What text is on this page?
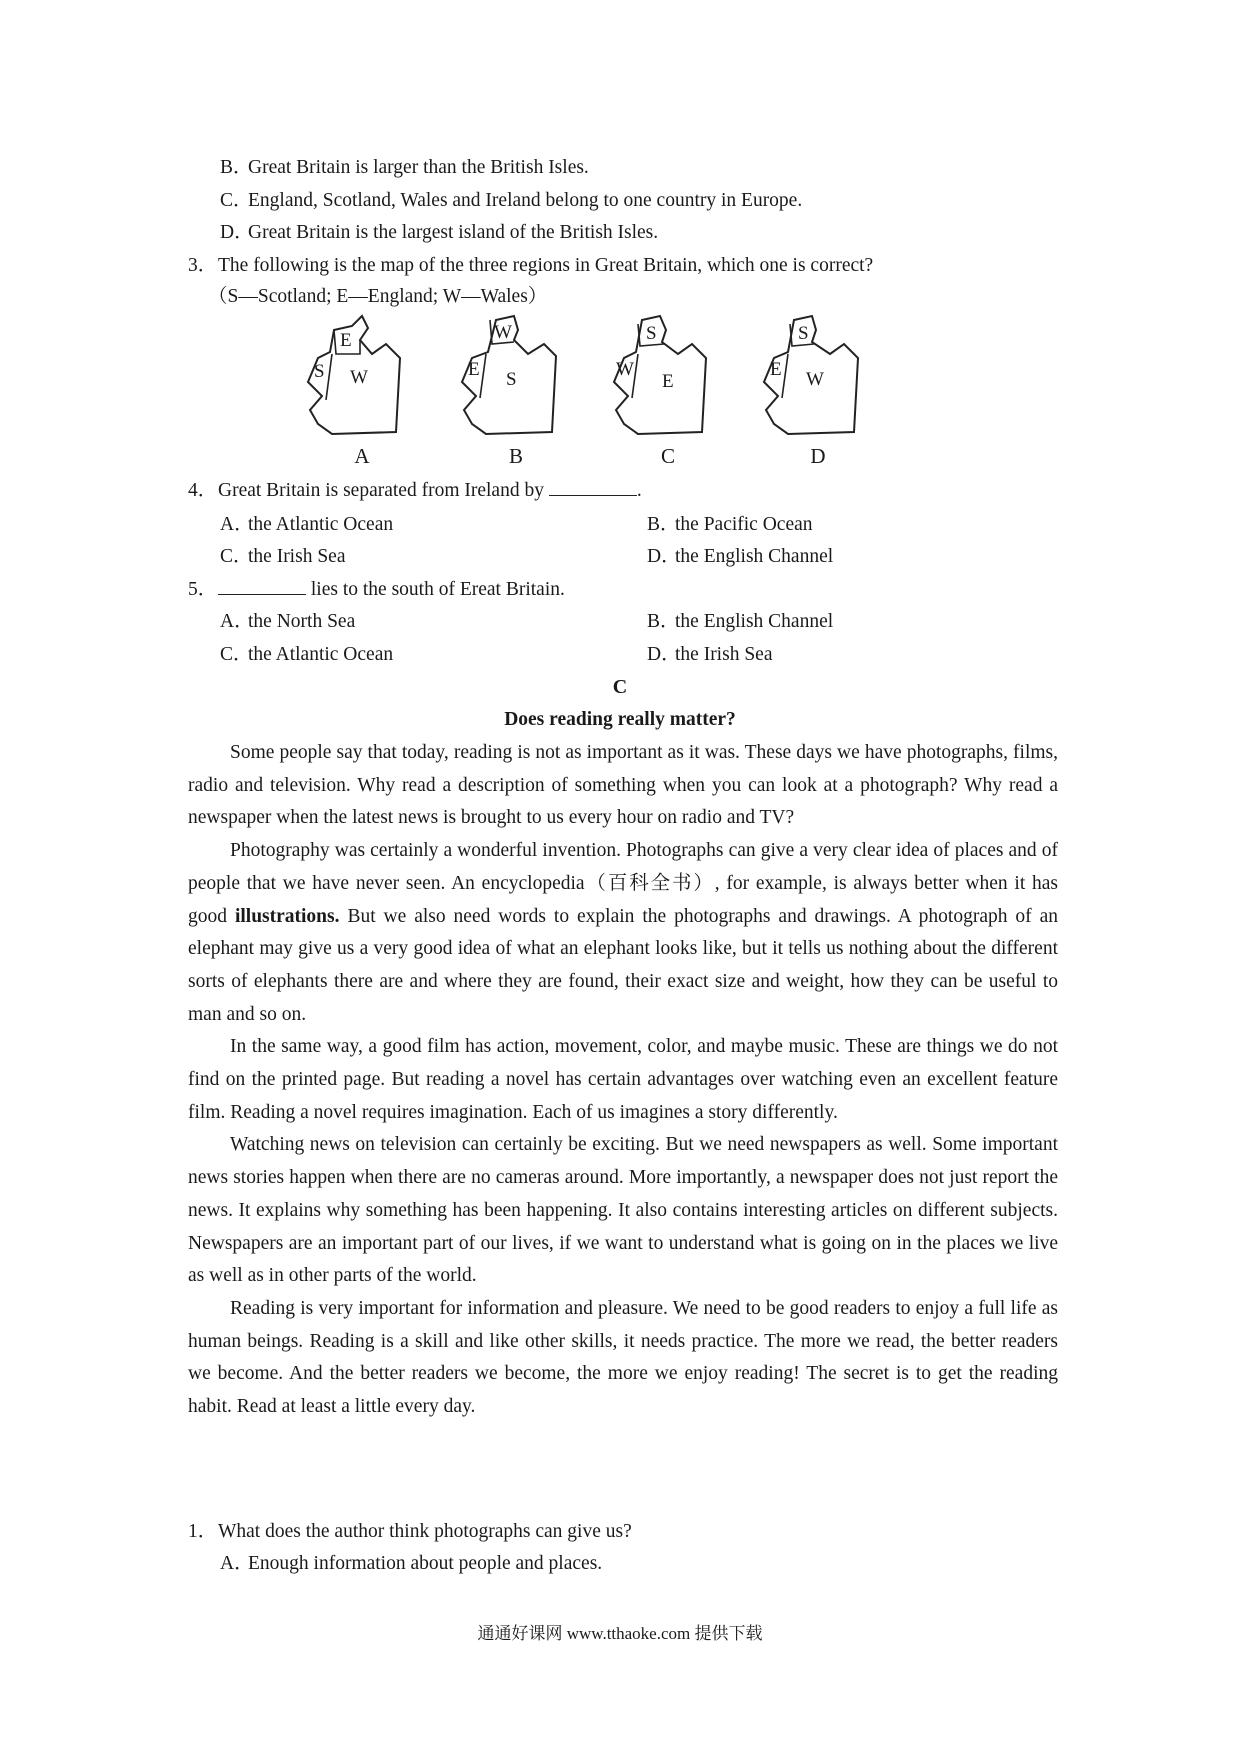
B．Great Britain is larger than the British Isles.
C．England, Scotland, Wales and Ireland belong to one country in Europe.
D．Great Britain is the largest island of the British Isles.
3．The following is the map of the three regions in Great Britain, which one is correct?
（S—Scotland; E—England; W—Wales）
E
S W
A
W
E S
B
S
W
E
C
S
E W
D
4．Great Britain is separated from Ireland by	.
A．the Atlantic Ocean	B．the Pacific Ocean
C．the Irish Sea	D．the English Channel
5．	lies to the south of Ereat Britain.
A．the North Sea	B．the English Channel
C．the Atlantic Ocean	D．the Irish Sea
C
Does reading really matter?

Some people say that today, reading is not as important as it was. These days we have photographs, films, radio and television. Why read a description of something when you can look at a photograph? Why read a newspaper when the latest news is brought to us every hour on radio and TV?

Photography was certainly a wonderful invention. Photographs can give a very clear idea of places and of people that we have never seen. An encyclopedia（百科全书）, for example, is always better when it has good illustrations. But we also need words to explain the photographs and drawings. A photograph of an elephant may give us a very good idea of what an elephant looks like, but it tells us nothing about the different sorts of elephants there are and where they are found, their exact size and weight, how they can be useful to man and so on.

In the same way, a good film has action, movement, color, and maybe music. These are things we do not find on the printed page. But reading a novel has certain advantages over watching even an excellent feature film. Reading a novel requires imagination. Each of us imagines a story differently.

Watching news on television can certainly be exciting. But we need newspapers as well. Some important news stories happen when there are no cameras around. More importantly, a newspaper does not just report the news. It explains why something has been happening. It also contains interesting articles on different subjects. Newspapers are an important part of our lives, if we want to understand what is going on in the places we live as well as in other parts of the world.

Reading is very important for information and pleasure. We need to be good readers to enjoy a full life as human beings. Reading is a skill and like other skills, it needs practice. The more we read, the better readers we become. And the better readers we become, the more we enjoy reading! The secret is to get the reading habit. Read at least a little every day.

1．What does the author think photographs can give us?
A．Enough information about people and places.
通通好课网 www.tthaoke.com 提供下载
